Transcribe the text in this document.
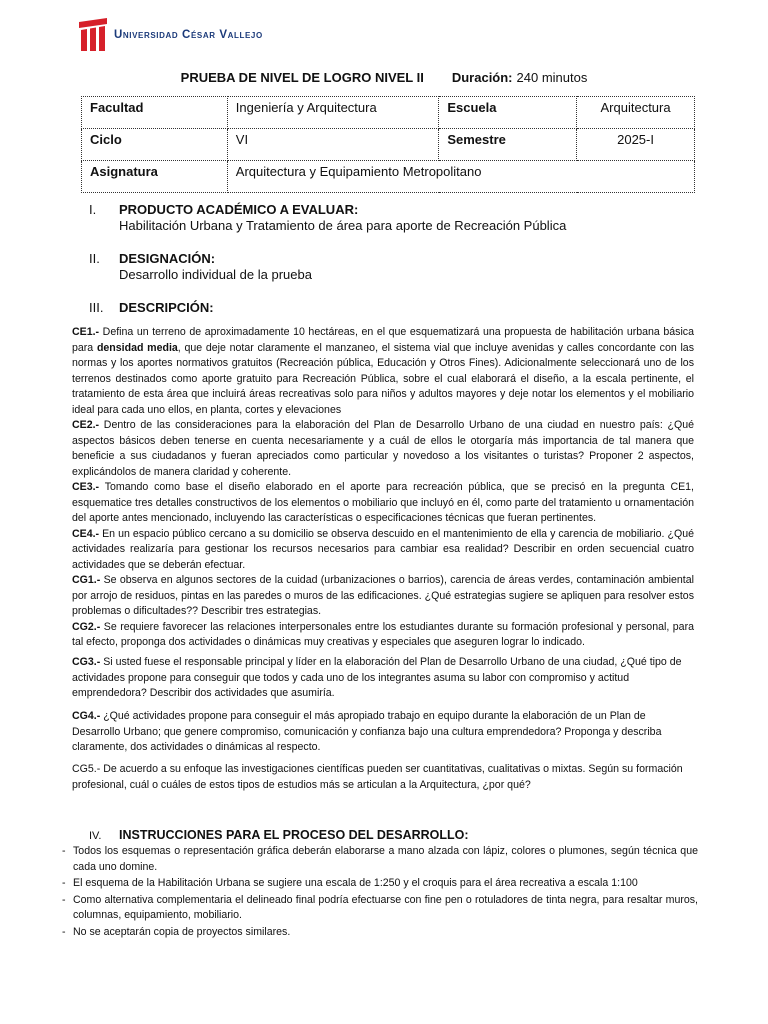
Universidad César Vallejo
PRUEBA DE NIVEL DE LOGRO NIVEL II Duración: 240 minutos
Facultad	Ingeniería y Arquitectura	Escuela	Arquitectura
Ciclo	VI	Semestre	2025-I
Asignatura	Arquitectura y Equipamiento Metropolitano		
I. PRODUCTO ACADÉMICO A EVALUAR:
Habilitación Urbana y Tratamiento de área para aporte de Recreación Pública
II. DESIGNACIÓN:
Desarrollo individual de la prueba
III. DESCRIPCIÓN:

CE1.- Defina un terreno de aproximadamente 10 hectáreas, en el que esquematizará una propuesta de habilitación urbana básica para densidad media, que deje notar claramente el manzaneo, el sistema vial que incluye avenidas y calles concordante con las normas y los aportes normativos gratuitos (Recreación pública, Educación y Otros Fines). Adicionalmente seleccionará uno de los terrenos destinados como aporte gratuito para Recreación Pública, sobre el cual elaborará el diseño, a la escala pertinente, el tratamiento de esta área que incluirá áreas recreativas solo para niños y adultos mayores y deje notar los elementos y el mobiliario ideal para cada uno ellos, en planta, cortes y elevaciones

CE2.- Dentro de las consideraciones para la elaboración del Plan de Desarrollo Urbano de una ciudad en nuestro país: ¿Qué aspectos básicos deben tenerse en cuenta necesariamente y a cuál de ellos le otorgaría más importancia de tal manera que beneficie a sus ciudadanos y fueran apreciados como particular y novedoso a los visitantes o turistas? Proponer 2 aspectos, explicándolos de manera claridad y coherente.

CE3.- Tomando como base el diseño elaborado en el aporte para recreación pública, que se precisó en la pregunta CE1, esquematice tres detalles constructivos de los elementos o mobiliario que incluyó en él, como parte del tratamiento u ornamentación del aporte antes mencionado, incluyendo las características o especificaciones técnicas que fueran pertinentes.

CE4.- En un espacio público cercano a su domicilio se observa descuido en el mantenimiento de ella y carencia de mobiliario. ¿Qué actividades realizaría para gestionar los recursos necesarios para cambiar esa realidad? Describir en orden secuencial cuatro actividades que se deberán efectuar.

CG1.- Se observa en algunos sectores de la cuidad (urbanizaciones o barrios), carencia de áreas verdes, contaminación ambiental por arrojo de residuos, pintas en las paredes o muros de las edificaciones. ¿Qué estrategias sugiere se apliquen para resolver estos problemas o dificultades?? Describir tres estrategias.

CG2.- Se requiere favorecer las relaciones interpersonales entre los estudiantes durante su formación profesional y personal, para tal efecto, proponga dos actividades o dinámicas muy creativas y especiales que aseguren lograr lo indicado.

CG3.- Si usted fuese el responsable principal y líder en la elaboración del Plan de Desarrollo Urbano de una ciudad, ¿Qué tipo de actividades propone para conseguir que todos y cada uno de los integrantes asuma su labor con compromiso y actitud emprendedora? Describir dos actividades que asumiría.

CG4.- ¿Qué actividades propone para conseguir el más apropiado trabajo en equipo durante la elaboración de un Plan de Desarrollo Urbano; que genere compromiso, comunicación y confianza bajo una cultura emprendedora? Proponga y describa claramente, dos actividades o dinámicas al respecto.

CG5.- De acuerdo a su enfoque las investigaciones científicas pueden ser cuantitativas, cualitativas o mixtas. Según su formación profesional, cuál o cuáles de estos tipos de estudios más se articulan a la Arquitectura, ¿por qué?

IV. INSTRUCCIONES PARA EL PROCESO DEL DESARROLLO:
- Todos los esquemas o representación gráfica deberán elaborarse a mano alzada con lápiz, colores o plumones, según técnica que cada uno domine.
- El esquema de la Habilitación Urbana se sugiere una escala de 1:250 y el croquis para el área recreativa a escala 1:100
- Como alternativa complementaria el delineado final podría efectuarse con fine pen o rotuladores de tinta negra, para resaltar muros, columnas, equipamiento, mobiliario.
- No se aceptarán copia de proyectos similares.
